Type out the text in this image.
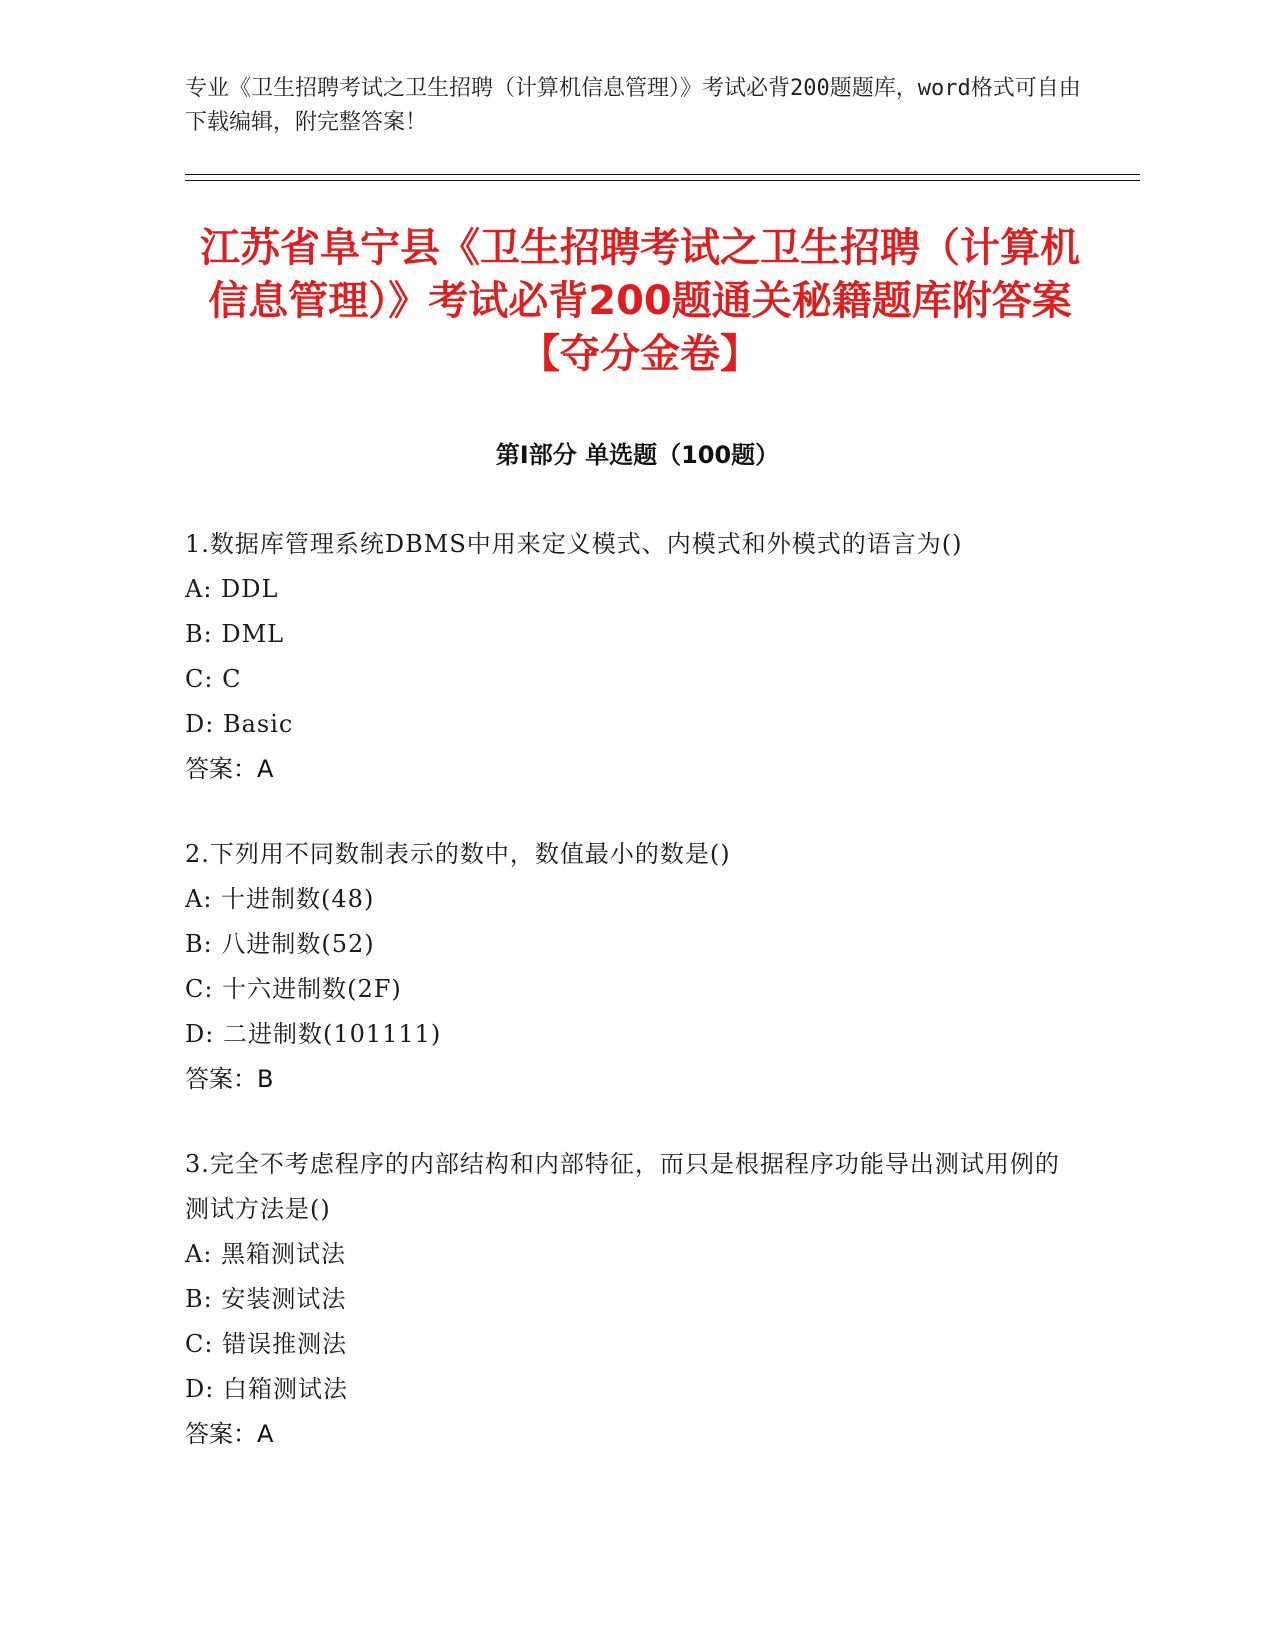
专业《卫生招聘考试之卫生招聘（计算机信息管理）》考试必背200题题库，word格式可自由下载编辑，附完整答案！
江苏省阜宁县《卫生招聘考试之卫生招聘（计算机信息管理）》考试必背200题通关秘籍题库附答案【夺分金卷】
第Ⅰ部分 单选题（100题）
1.数据库管理系统DBMS中用来定义模式、内模式和外模式的语言为()
A: DDL
B: DML
C: C
D: Basic
答案：A
2.下列用不同数制表示的数中，数值最小的数是()
A: 十进制数(48)
B: 八进制数(52)
C: 十六进制数(2F)
D: 二进制数(101111)
答案：B
3.完全不考虑程序的内部结构和内部特征，而只是根据程序功能导出测试用例的测试方法是()
A: 黑箱测试法
B: 安装测试法
C: 错误推测法
D: 白箱测试法
答案：A
